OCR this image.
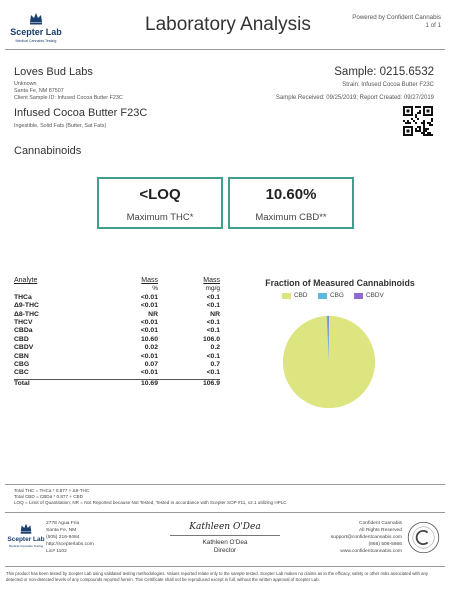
Scepter Lab
Medical Cannabis Testing
Laboratory Analysis	Powered by Confident Cannabis
1 of 1
Loves Bud Labs
Unknown
Santa Fe, NM 87507
Client Sample ID: Infused Cocoa Butter F23C
Infused Cocoa Butter F23C
Ingestible, Solid Fats (Butter, Sat Fats)
Sample: 0215.6532
Strain: Infused Cocoa Butter F23C
Sample Received: 09/25/2019; Report Created: 09/27/2019
Cannabinoids
<LOQ
Maximum THC*
10.60%
Maximum CBD**
Analyte	Mass	Mass
%	mg/g
THCa	<0.01	<0.1
Δ9-THC	<0.01	<0.1
Δ8-THC	NR	NR
THCV	<0.01	<0.1
CBDa	<0.01	<0.1
CBD	10.60	106.0
CBDV	0.02	0.2
CBN	<0.01	<0.1
CBG	0.07	0.7
CBC	<0.01	<0.1
Total	10.69	106.9
Fraction of Measured Cannabinoids
CBD	CBG	CBDV
Total THC = THCa * 0.877 + Δ9-THC
Total CBD = CBDa * 0.877 + CBD
LOQ = Limit of Quantitation; NR = Not Reported because Not Tested, Tested in accordance with Scepter SOP #11, v2.1 utilizing HPLC
Scepter Lab
Medical Cannabis Testing
2778 Agua Fria
Santa Fe, NM
(505) 216-9484
http://scepterlabs.com
Lic# 1102
Kathleen O'Dea
Kathleen O'Dea
Director
Confident Cannabis
All Rights Reserved
support@confidentcannabis.com
(866) 506-5866
www.confidentcannabis.com
This product has been tested by Scepter Lab using validated testing methodologies. Values reported relate only to the sample tested. Scepter Lab makes no claims as to the efficacy, safety or other risks associated with any detected or non-detected levels of any compounds reported herein. This Certificate shall not be reproduced except in full, without the written approval of Scepter Lab.
